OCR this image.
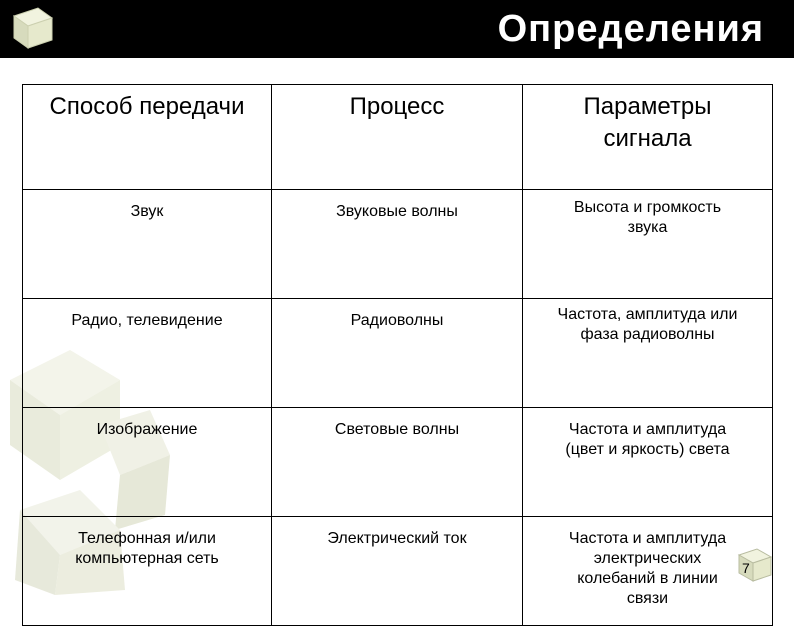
Определения
Способ передачи	Процесс	Параметры
сигнала

Звук	Звуковые волны	Высота и громкость
звука

Радио, телевидение	Радиоволны	Частота, амплитуда или
фаза радиоволны

Изображение	Световые волны	Частота и амплитуда
(цвет и яркость) света

Телефонная и/или
компьютерная сеть	Электрический ток	Частота и амплитуда
электрических
колебаний в линии
связи
7
